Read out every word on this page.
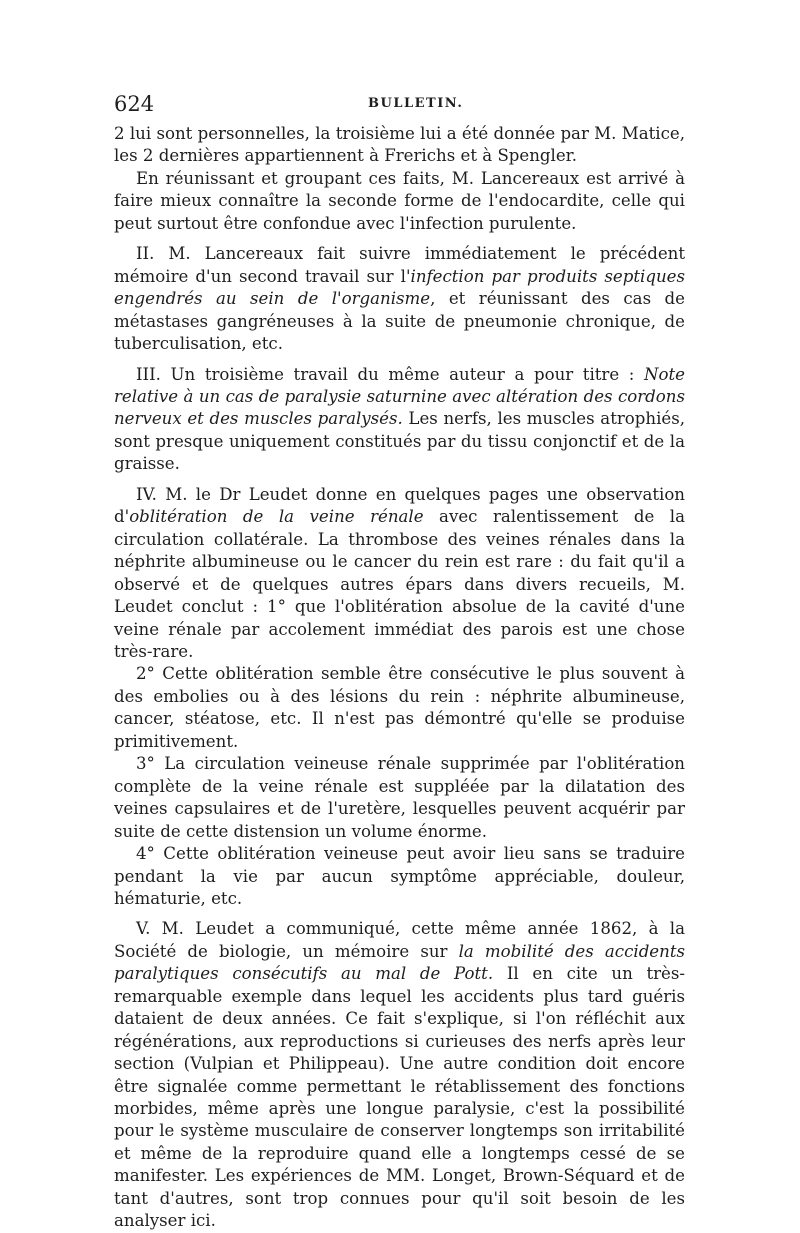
624	BULLETIN.

2 lui sont personnelles, la troisième lui a été donnée par M. Matice, les 2 dernières appartiennent à Frerichs et à Spengler.

En réunissant et groupant ces faits, M. Lancereaux est arrivé à faire mieux connaître la seconde forme de l'endocardite, celle qui peut surtout être confondue avec l'infection purulente.

II. M. Lancereaux fait suivre immédiatement le précédent mémoire d'un second travail sur l'infection par produits septiques engendrés au sein de l'organisme, et réunissant des cas de métastases gangréneuses à la suite de pneumonie chronique, de tuberculisation, etc.

III. Un troisième travail du même auteur a pour titre : Note relative à un cas de paralysie saturnine avec altération des cordons nerveux et des muscles paralysés. Les nerfs, les muscles atrophiés, sont presque uniquement constitués par du tissu conjonctif et de la graisse.

IV. M. le Dr Leudet donne en quelques pages une observation d'oblitération de la veine rénale avec ralentissement de la circulation collatérale. La thrombose des veines rénales dans la néphrite albumineuse ou le cancer du rein est rare : du fait qu'il a observé et de quelques autres épars dans divers recueils, M. Leudet conclut : 1° que l'oblitération absolue de la cavité d'une veine rénale par accolement immédiat des parois est une chose très-rare.

2° Cette oblitération semble être consécutive le plus souvent à des embolies ou à des lésions du rein : néphrite albumineuse, cancer, stéatose, etc. Il n'est pas démontré qu'elle se produise primitivement.

3° La circulation veineuse rénale supprimée par l'oblitération complète de la veine rénale est suppléée par la dilatation des veines capsulaires et de l'uretère, lesquelles peuvent acquérir par suite de cette distension un volume énorme.

4° Cette oblitération veineuse peut avoir lieu sans se traduire pendant la vie par aucun symptôme appréciable, douleur, hématurie, etc.

V. M. Leudet a communiqué, cette même année 1862, à la Société de biologie, un mémoire sur la mobilité des accidents paralytiques consécutifs au mal de Pott. Il en cite un très-remarquable exemple dans lequel les accidents plus tard guéris dataient de deux années. Ce fait s'explique, si l'on réfléchit aux régénérations, aux reproductions si curieuses des nerfs après leur section (Vulpian et Philippeau). Une autre condition doit encore être signalée comme permettant le rétablissement des fonctions morbides, même après une longue paralysie, c'est la possibilité pour le système musculaire de conserver longtemps son irritabilité et même de la reproduire quand elle a longtemps cessé de se manifester. Les expériences de MM. Longet, Brown-Séquard et de tant d'autres, sont trop connues pour qu'il soit besoin de les analyser ici.
